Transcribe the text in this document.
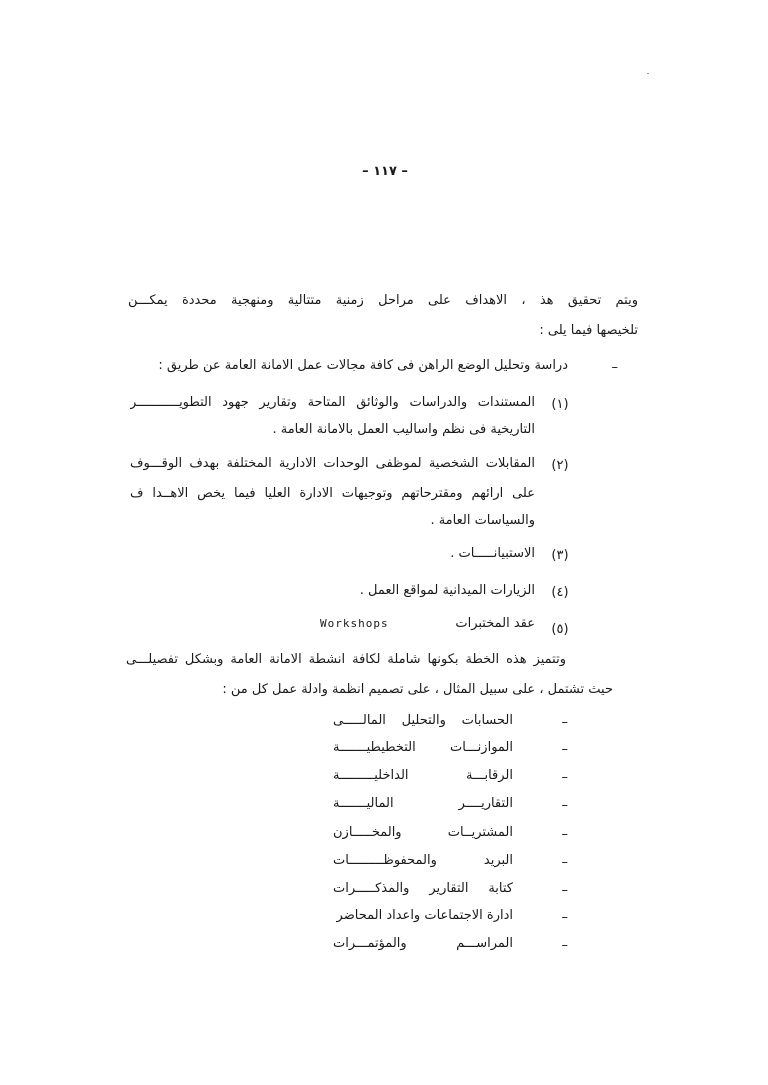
– ١١٧ –
ويتم تحقيق هذ ، الاهداف على مراحل زمنية متتالية ومنهجية محددة يمكـــن
تلخيصها فيما يلى :
–
دراسة وتحليل الوضع الراهن فى كافة مجالات عمل الامانة العامة عن طريق :
(١)
المستندات والدراسات والوثائق المتاحة وتقارير جهود التطويـــــــــــر
التاريخية فى نظم واساليب العمل بالامانة العامة .
(٢)
المقابلات الشخصية لموظفى الوحدات الادارية المختلفة بهدف الوقـــوف
على ارائهم ومقترحاتهم وتوجيهات الادارة العليا فيما يخص الاهــدا ف
والسياسات العامة .
(٣)
الاستبيانـــــات .
(٤)
الزيارات الميدانية لمواقع العمل .
(٥)
عقد المختبرات
Workshops
وتتميز هذه الخطة بكونها شاملة لكافة انشطة الامانة العامة وبشكل تفصيلـــى
حيث تشتمل ، على سبيل المثال ، على تصميم انظمة وادلة عمل كل من :
–
الحسابات والتحليل المالـــــى
–
الموازنـــات التخطيطيـــــــة
–
الرقابـــة الداخليـــــــــة
–
التقاريــــر الماليـــــــة
–
المشتريــات والمخـــــازن
–
البريد والمحفوظـــــــــات
–
كتابة التقارير والمذكـــــرات
–
ادارة الاجتماعات واعداد المحاضر
–
المراســـم والمؤتمـــرات
